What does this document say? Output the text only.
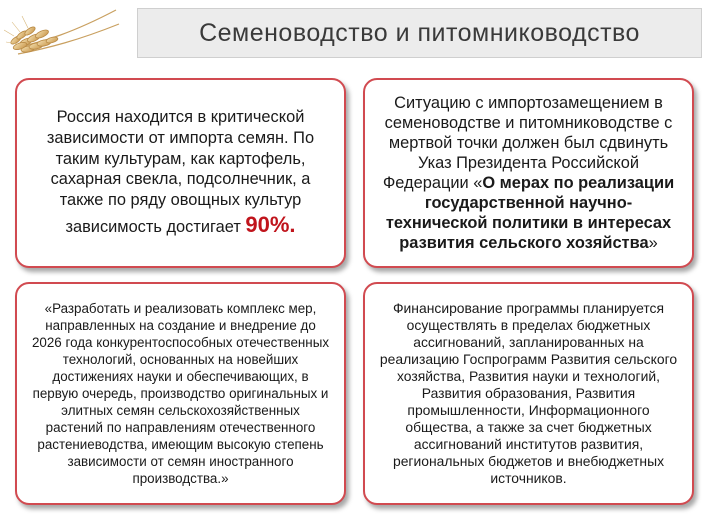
Семеноводство и питомниководство

Россия находится в критической зависимости от импорта семян. По таким культурам, как картофель, сахарная свекла, подсолнечник, а также по ряду овощных культур зависимость достигает 90%.

Ситуацию с импортозамещением в семеноводстве и питомниководстве с мертвой точки должен был сдвинуть Указ Президента Российской Федерации «О мерах по реализации государственной научно-технической политики в интересах развития сельского хозяйства»

«Разработать и реализовать комплекс мер, направленных на создание и внедрение до 2026 года конкурентоспособных отечественных технологий, основанных на новейших достижениях науки и обеспечивающих, в первую очередь, производство оригинальных и элитных семян сельскохозяйственных растений по направлениям отечественного растениеводства, имеющим высокую степень зависимости от семян иностранного производства.»

Финансирование программы планируется осуществлять в пределах бюджетных ассигнований, запланированных на реализацию Госпрограмм Развития сельского хозяйства, Развития науки и технологий, Развития образования, Развития промышленности, Информационного общества, а также за счет бюджетных ассигнований институтов развития, региональных бюджетов и внебюджетных источников.
